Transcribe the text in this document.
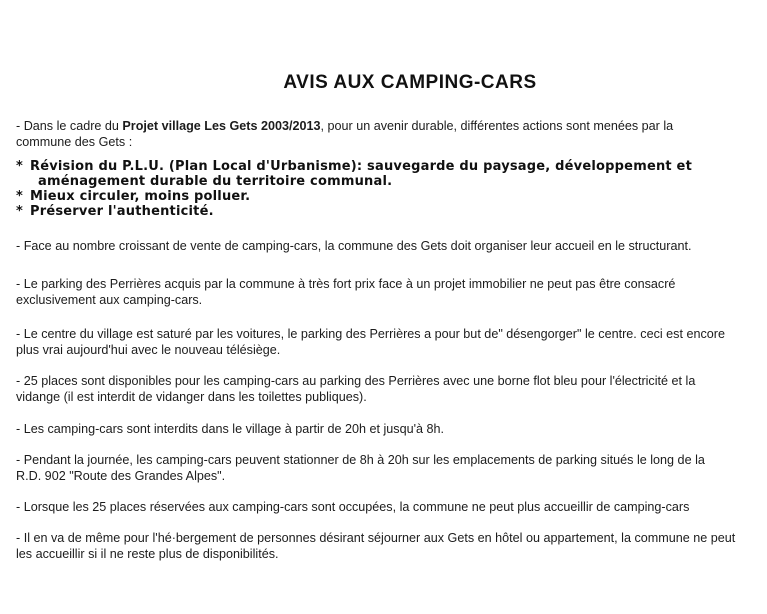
AVIS AUX CAMPING-CARS
- Dans le cadre du Projet village Les Gets 2003/2013, pour un avenir durable, différentes actions sont menées par la
commune des Gets :
* Révision du P.L.U. (Plan Local d'Urbanisme): sauvegarde du paysage, développement et
aménagement durable du territoire communal.
* Mieux circuler, moins polluer.
* Préserver l'authenticité.
- Face au nombre croissant de vente de camping-cars, la commune des Gets doit organiser leur accueil en le structurant.
- Le parking des Perrières acquis par la commune à très fort prix face à un projet immobilier ne peut pas être consacré
exclusivement aux camping-cars.
- Le centre du village est saturé par les voitures, le parking des Perrières a pour but de" désengorger" le centre. ceci est encore
plus vrai aujourd'hui avec le nouveau télésiège.
- 25 places sont disponibles pour les camping-cars au parking des Perrières avec une borne flot bleu pour l'électricité et la
vidange (il est interdit de vidanger dans les toilettes publiques).
- Les camping-cars sont interdits dans le village à partir de 20h et jusqu'à 8h.
- Pendant la journée, les camping-cars peuvent stationner de 8h à 20h sur les emplacements de parking situés le long de la
R.D. 902 "Route des Grandes Alpes".
- Lorsque les 25 places réservées aux camping-cars sont occupées, la commune ne peut plus accueillir de camping-cars
- Il en va de même pour l'hé·bergement de personnes désirant séjourner aux Gets en hôtel ou appartement, la commune ne peut
les accueillir si il ne reste plus de disponibilités.
